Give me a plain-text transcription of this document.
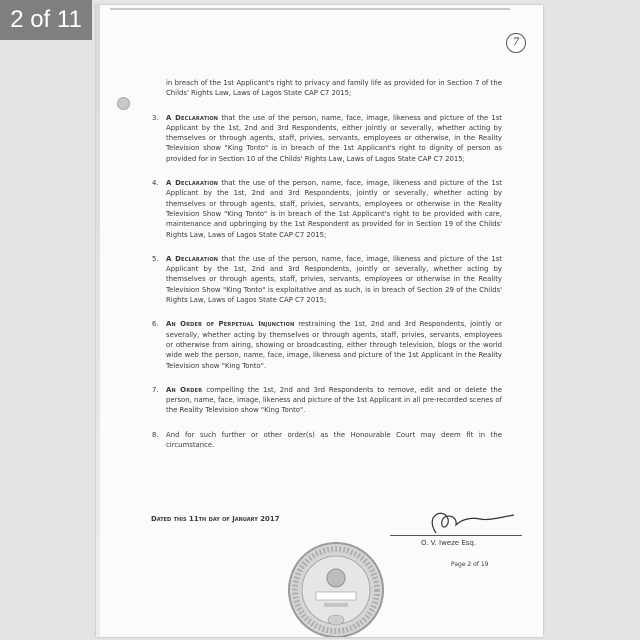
2 of 11
7
in breach of the 1st Applicant's right to privacy and family life as provided for in Section 7 of the Childs' Rights Law, Laws of Lagos State CAP C7 2015;
3.	A Declaration that the use of the person, name, face, image, likeness and picture of the 1st Applicant by the 1st, 2nd and 3rd Respondents, either jointly or severally, whether acting by themselves or through agents, staff, privies, servants, employees or otherwise, in the Reality Television show "King Tonto" is in breach of the 1st Applicant's right to dignity of person as provided for in Section 10 of the Childs' Rights Law, Laws of Lagos State CAP C7 2015;
4.	A Declaration that the use of the person, name, face, image, likeness and picture of the 1st Applicant by the 1st, 2nd and 3rd Respondents, jointly or severally, whether acting by themselves or through agents, staff, privies, servants, employees or otherwise in the Reality Television Show "King Tonto" is in breach of the 1st Applicant's right to be provided with care, maintenance and upbringing by the 1st Respondent as provided for in Section 19 of the Childs' Rights Law, Laws of Lagos State CAP C7 2015;
5.	A Declaration that the use of the person, name, face, image, likeness and picture of the 1st Applicant by the 1st, 2nd and 3rd Respondents, jointly or severally, whether acting by themselves or through agents, staff, privies, servants, employees or otherwise in the Reality Television Show "King Tonto" is exploitative and as such, is in breach of Section 29 of the Childs' Rights Law, Laws of Lagos State CAP C7 2015;
6.	An Order of Perpetual Injunction restraining the 1st, 2nd and 3rd Respondents, jointly or severally, whether acting by themselves or through agents, staff, privies, servants, employees or otherwise from airing, showing or broadcasting, either through television, blogs or the world wide web the person, name, face, image, likeness and picture of the 1st Applicant in the Reality Television show "King Tonto".
7.	An Order compelling the 1st, 2nd and 3rd Respondents to remove, edit and or delete the person, name, face, image, likeness and picture of the 1st Applicant in all pre-recorded scenes of the Reality Television show "King Tonto".
8.	And for such further or other order(s) as the Honourable Court may deem fit in the circumstance.
Dated this 11th day of January 2017
O. V. Iweze Esq.
Page 2 of 19
